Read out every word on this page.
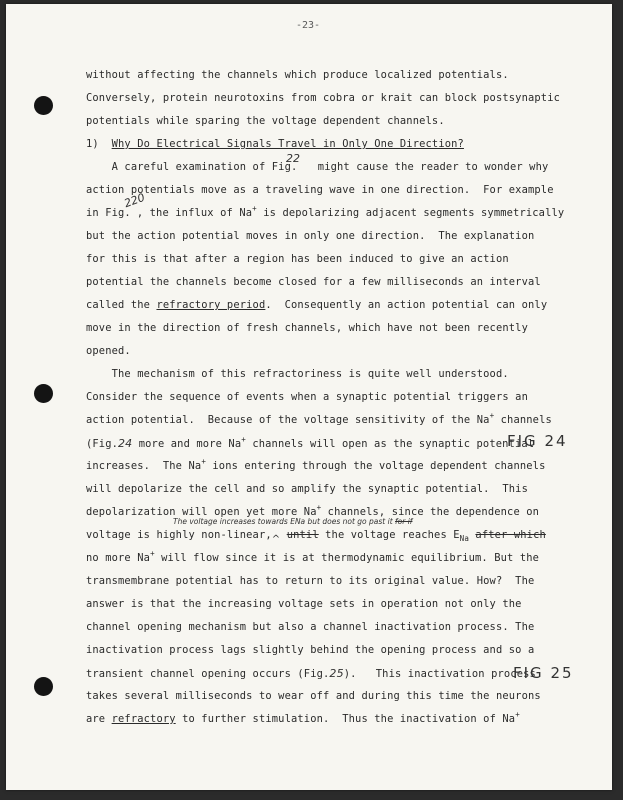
-23-
without affecting the channels which produce localized potentials.
Conversely, protein neurotoxins from cobra or krait can block postsynaptic
potentials while sparing the voltage dependent channels.
1) Why Do Electrical Signals Travel in Only One Direction?
A careful examination of Fig. might cause the reader to wonder why
22
action potentials move as a traveling wave in one direction.  For example
in Fig. , the influx of Na+ is depolarizing adjacent segments symmetrically
220
but the action potential moves in only one direction.  The explanation
for this is that after a region has been induced to give an action
potential the channels become closed for a few milliseconds an interval
called the refractory period.  Consequently an action potential can only
move in the direction of fresh channels, which have not been recently
opened.
The mechanism of this refractoriness is quite well understood.
Consider the sequence of events when a synaptic potential triggers an
action potential.  Because of the voltage sensitivity of the Na+ channels
(Fig.24 more and more Na+ channels will open as the synaptic potential
FIG 24
increases.  The Na+ ions entering through the voltage dependent channels
will depolarize the cell and so amplify the synaptic potential.  This
depolarization will open yet more Na+ channels, since the dependence on
The voltage increases towards ENa but does not go past it for if
voltage is highly non-linear,^ until the voltage reaches $E_{Na}$ after which
no more Na+ will flow since it is at thermodynamic equilibrium. But the
transmembrane potential has to return to its original value. How?  The
answer is that the increasing voltage sets in operation not only the
channel opening mechanism but also a channel inactivation process. The
inactivation process lags slightly behind the opening process and so a
transient channel opening occurs (Fig.25).   This inactivation process
FIG 25
takes several milliseconds to wear off and during this time the neurons
are refractory to further stimulation.  Thus the inactivation of Na+
